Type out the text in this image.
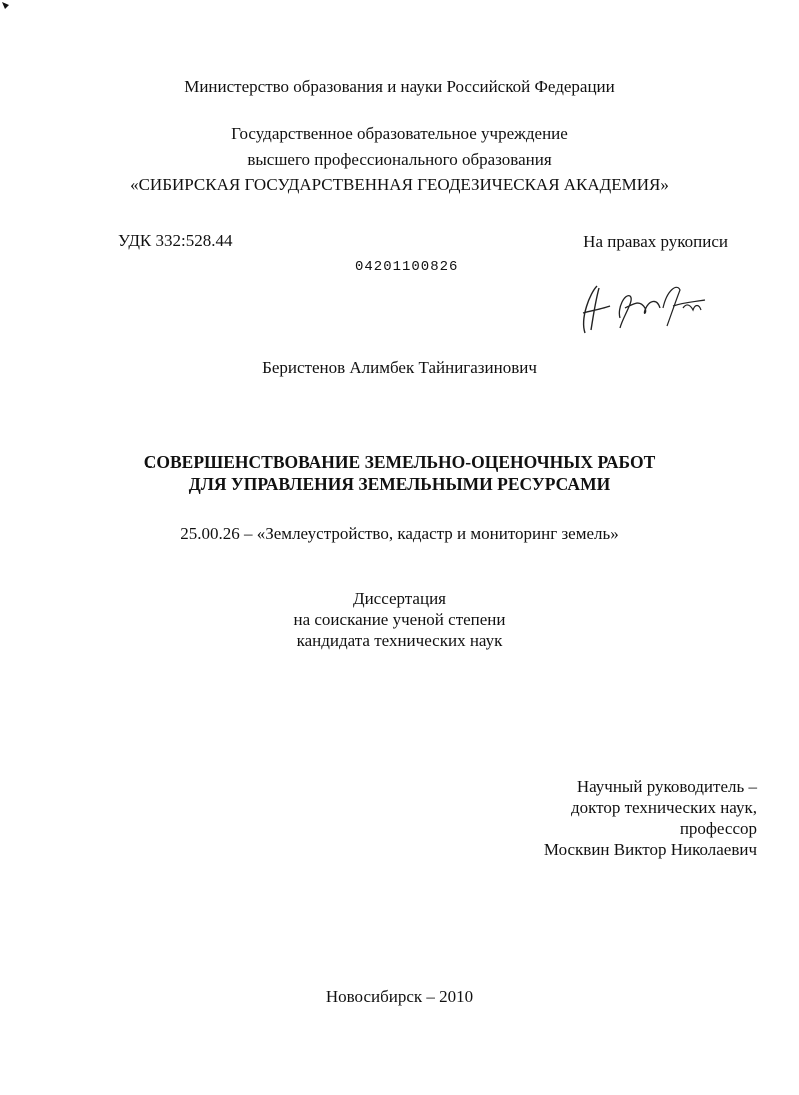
Министерство образования и науки Российской Федерации
Государственное образовательное учреждение
высшего профессионального образования
«СИБИРСКАЯ ГОСУДАРСТВЕННАЯ ГЕОДЕЗИЧЕСКАЯ АКАДЕМИЯ»
УДК 332:528.44	На правах рукописи
04201100826
Беристенов Алимбек Тайнигазинович
СОВЕРШЕНСТВОВАНИЕ ЗЕМЕЛЬНО-ОЦЕНОЧНЫХ РАБОТ
ДЛЯ УПРАВЛЕНИЯ ЗЕМЕЛЬНЫМИ РЕСУРСАМИ
25.00.26 – «Землеустройство, кадастр и мониторинг земель»
Диссертация
на соискание ученой степени
кандидата технических наук
Научный руководитель –
доктор технических наук,
профессор
Москвин Виктор Николаевич
Новосибирск – 2010
